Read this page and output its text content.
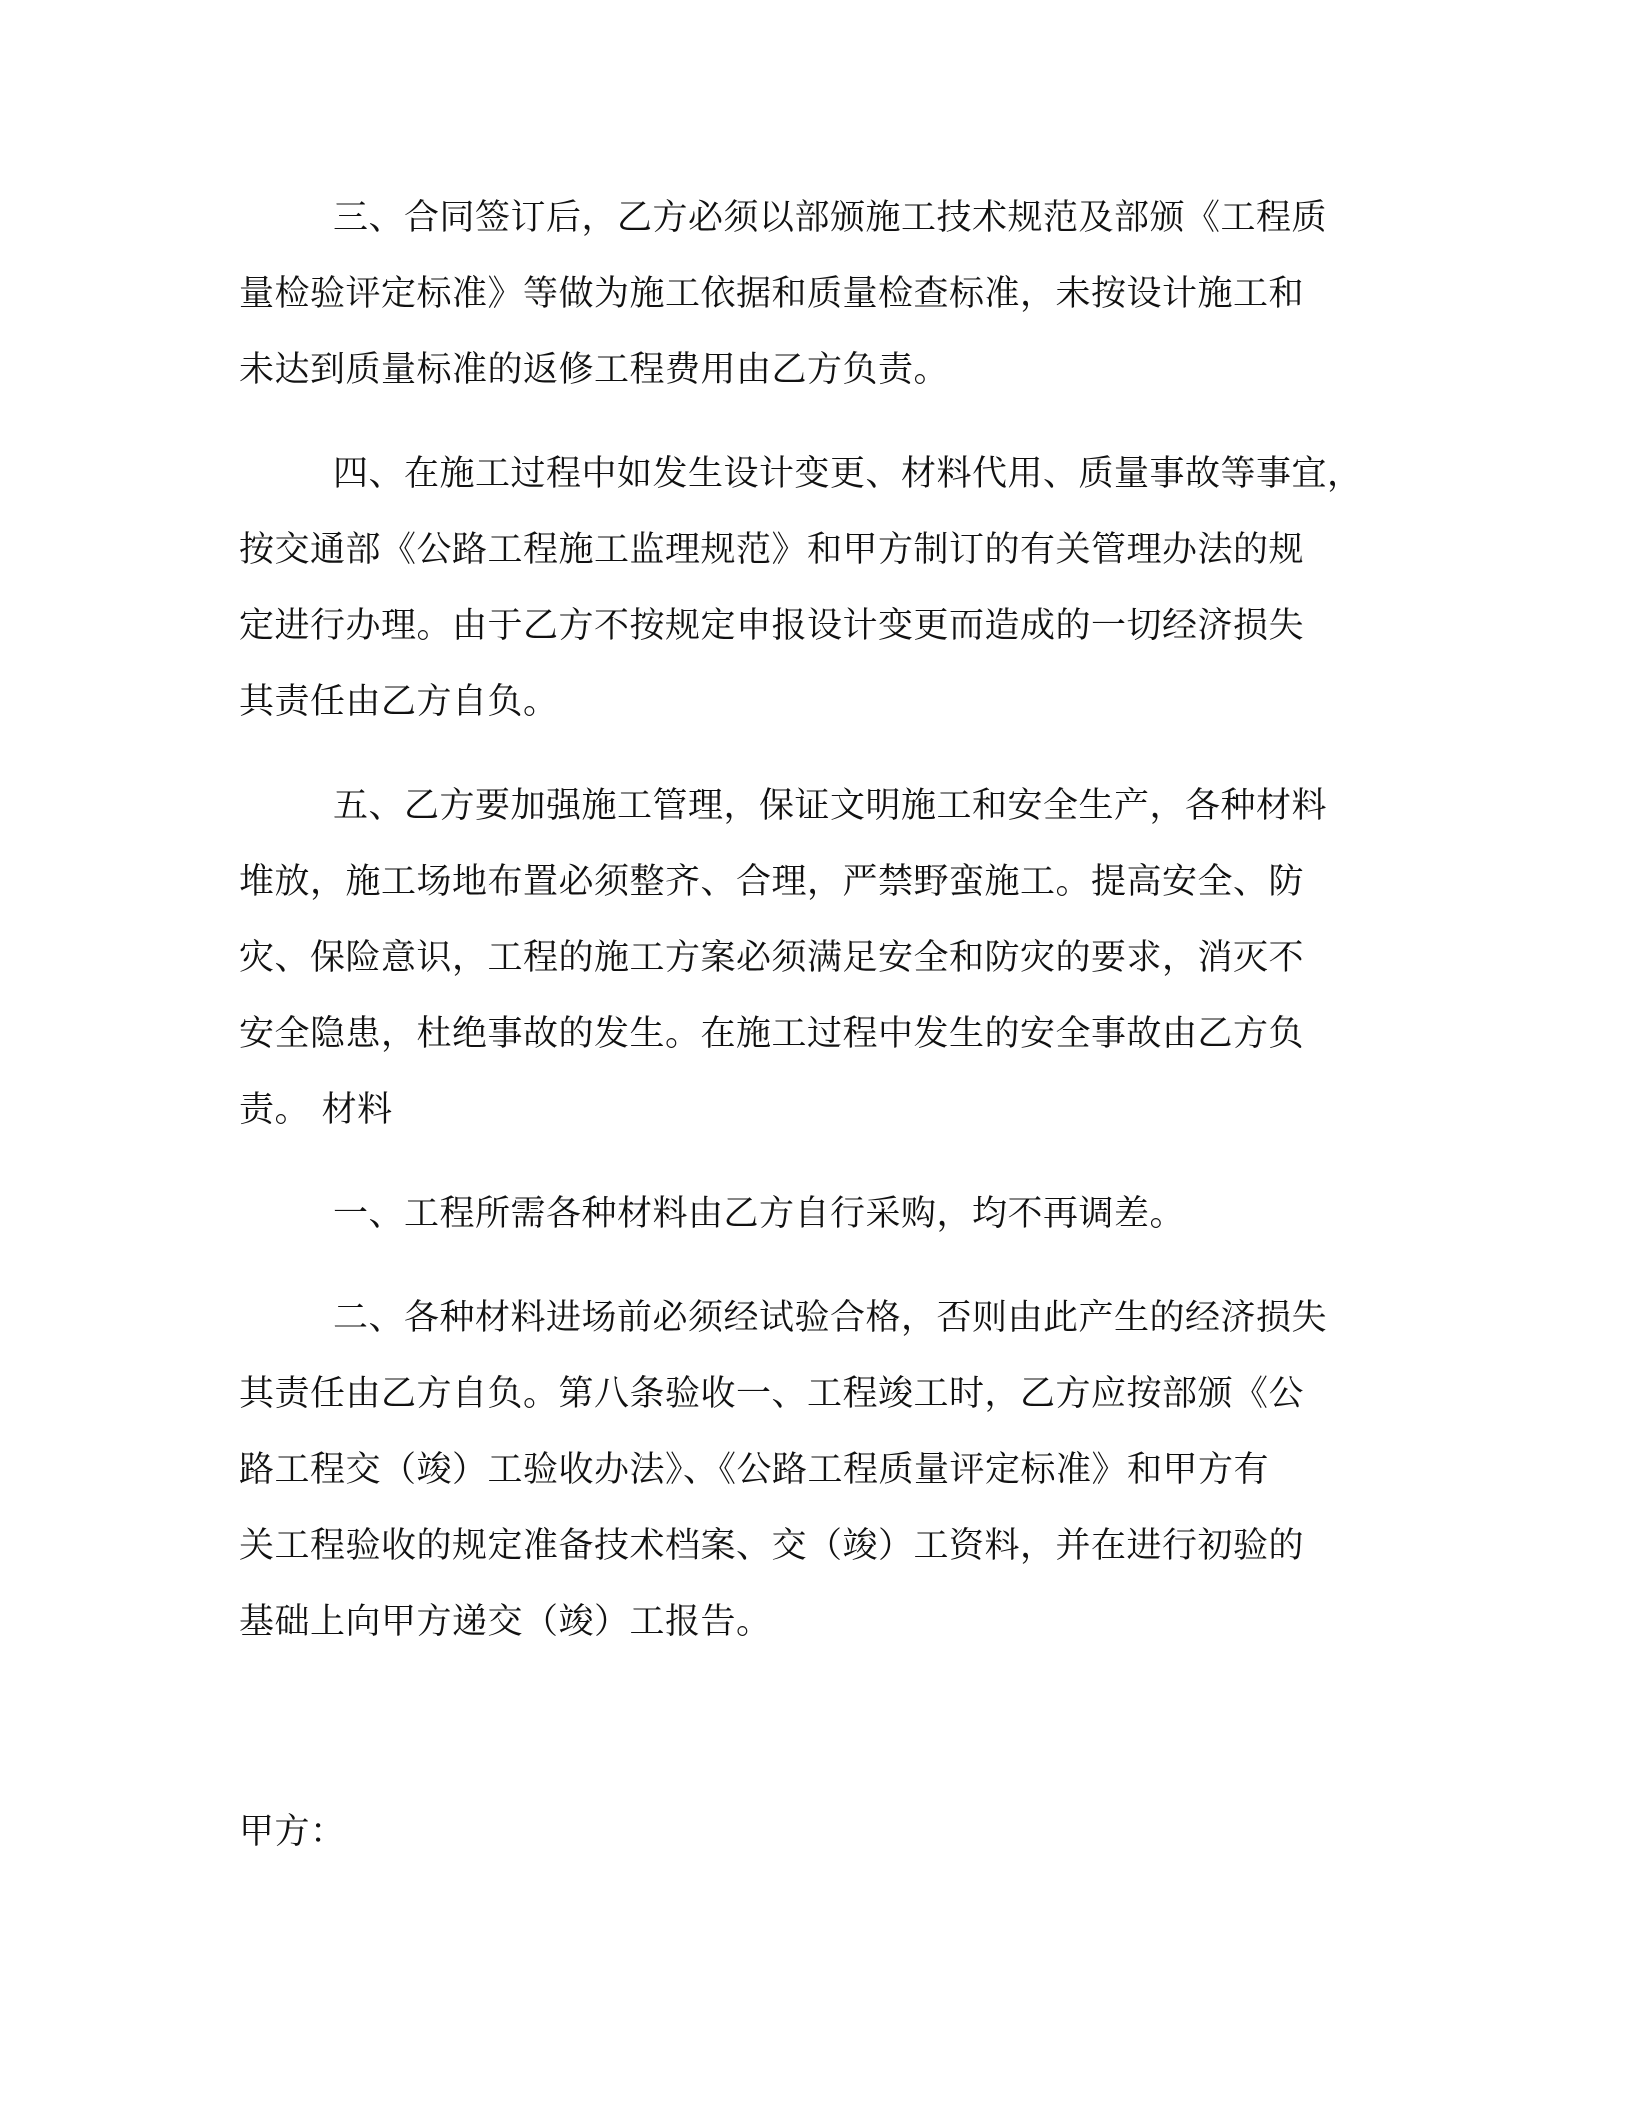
三、合同签订后，乙方必须以部颁施工技术规范及部颁《工程质

量检验评定标准》等做为施工依据和质量检查标准，未按设计施工和

未达到质量标准的返修工程费用由乙方负责。

四、在施工过程中如发生设计变更、材料代用、质量事故等事宜，

按交通部《公路工程施工监理规范》和甲方制订的有关管理办法的规

定进行办理。由于乙方不按规定申报设计变更而造成的一切经济损失

其责任由乙方自负。

五、乙方要加强施工管理，保证文明施工和安全生产，各种材料

堆放，施工场地布置必须整齐、合理，严禁野蛮施工。提高安全、防

灾、保险意识，工程的施工方案必须满足安全和防灾的要求，消灭不

安全隐患，杜绝事故的发生。在施工过程中发生的安全事故由乙方负

责。 材料

一、工程所需各种材料由乙方自行采购，均不再调差。

二、各种材料进场前必须经试验合格，否则由此产生的经济损失

其责任由乙方自负。第八条验收一、工程竣工时，乙方应按部颁《公

路工程交（竣）工验收办法》、《公路工程质量评定标准》和甲方有

关工程验收的规定准备技术档案、交（竣）工资料，并在进行初验的

基础上向甲方递交（竣）工报告。

甲方：
